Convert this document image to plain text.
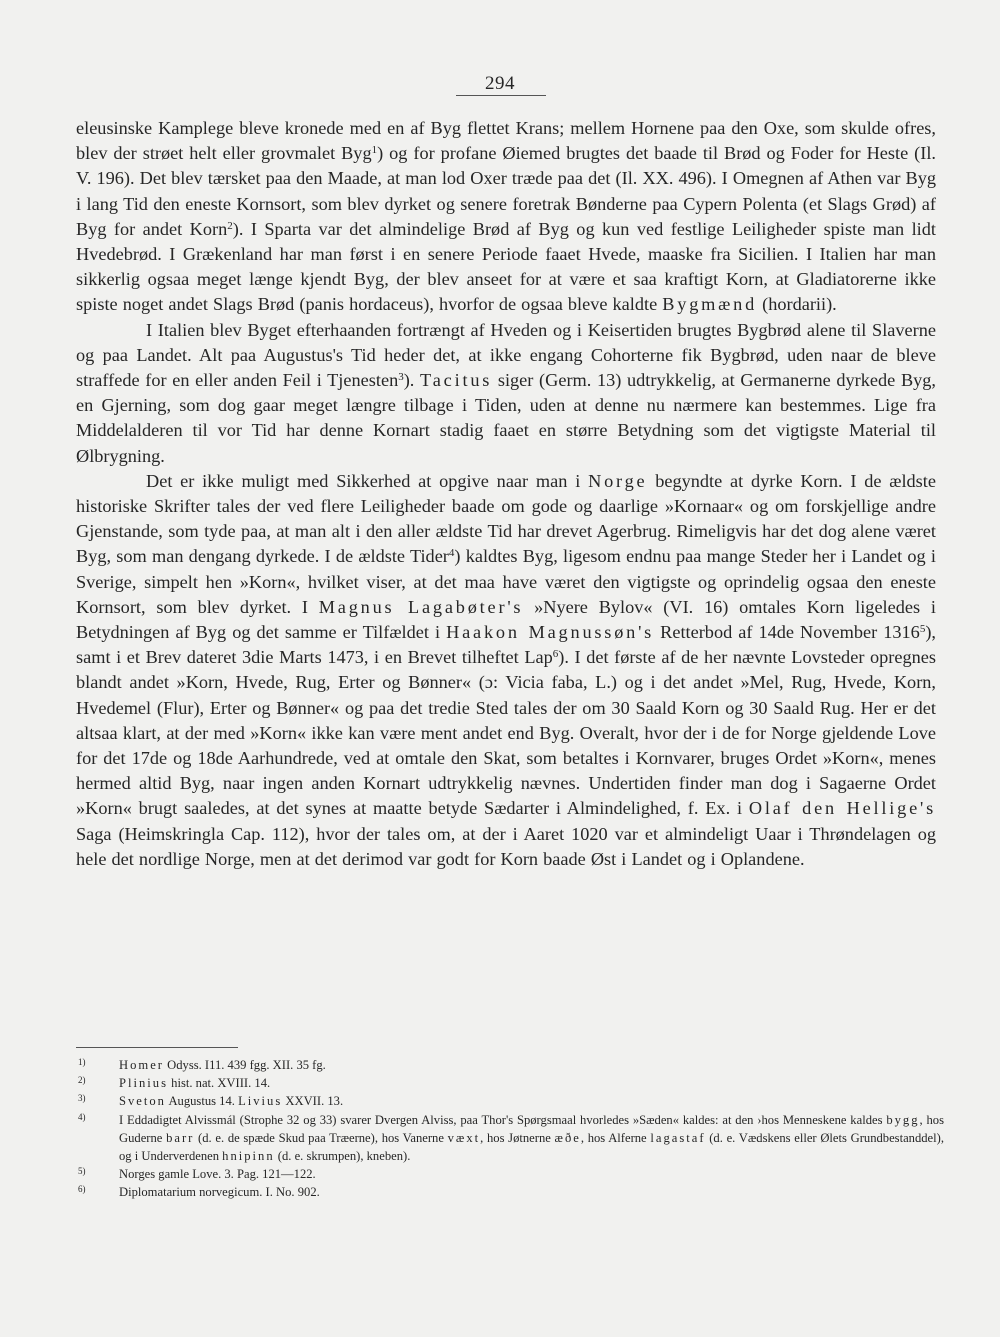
294

eleusinske Kamplege bleve kronede med en af Byg flettet Krans; mellem Hornene paa den Oxe, som skulde ofres, blev der strøet helt eller grovmalet Byg$^1$) og for profane Øiemed brugtes det baade til Brød og Foder for Heste (Il. V. 196). Det blev tærsket paa den Maade, at man lod Oxer træde paa det (Il. XX. 496). I Omegnen af Athen var Byg i lang Tid den eneste Kornsort, som blev dyrket og senere foretrak Bønderne paa Cypern Polenta (et Slags Grød) af Byg for andet Korn$^2$). I Sparta var det almindelige Brød af Byg og kun ved festlige Leiligheder spiste man lidt Hvedebrød. I Grækenland har man først i en senere Periode faaet Hvede, maaske fra Sicilien. I Italien har man sikkerlig ogsaa meget længe kjendt Byg, der blev anseet for at være et saa kraftigt Korn, at Gladiatorerne ikke spiste noget andet Slags Brød (panis hordaceus), hvorfor de ogsaa bleve kaldte Bygmænd (hordarii).

I Italien blev Byget efterhaanden fortrængt af Hveden og i Keisertiden brugtes Bygbrød alene til Slaverne og paa Landet. Alt paa Augustus's Tid heder det, at ikke engang Cohorterne fik Bygbrød, uden naar de bleve straffede for en eller anden Feil i Tjenesten$^3$). Tacitus siger (Germ. 13) udtrykkelig, at Germanerne dyrkede Byg, en Gjerning, som dog gaar meget længre tilbage i Tiden, uden at denne nu nærmere kan bestemmes. Lige fra Middelalderen til vor Tid har denne Kornart stadig faaet en større Betydning som det vigtigste Material til Ølbrygning.

Det er ikke muligt med Sikkerhed at opgive naar man i Norge begyndte at dyrke Korn. I de ældste historiske Skrifter tales der ved flere Leiligheder baade om gode og daarlige »Kornaar« og om forskjellige andre Gjenstande, som tyde paa, at man alt i den aller ældste Tid har drevet Agerbrug. Rimeligvis har det dog alene været Byg, som man dengang dyrkede. I de ældste Tider$^4$) kaldtes Byg, ligesom endnu paa mange Steder her i Landet og i Sverige, simpelt hen »Korn«, hvilket viser, at det maa have været den vigtigste og oprindelig ogsaa den eneste Kornsort, som blev dyrket. I Magnus Lagabøter's »Nyere Bylov« (VI. 16) omtales Korn ligeledes i Betydningen af Byg og det samme er Tilfældet i Haakon Magnussøn's Retterbod af 14de November 1316$^5$), samt i et Brev dateret 3die Marts 1473, i en Brevet tilheftet Lap$^6$). I det første af de her nævnte Lovsteder opregnes blandt andet »Korn, Hvede, Rug, Erter og Bønner« (ɔ: Vicia faba, L.) og i det andet »Mel, Rug, Hvede, Korn, Hvedemel (Flur), Erter og Bønner« og paa det tredie Sted tales der om 30 Saald Korn og 30 Saald Rug. Her er det altsaa klart, at der med »Korn« ikke kan være ment andet end Byg. Overalt, hvor der i de for Norge gjeldende Love for det 17de og 18de Aarhundrede, ved at omtale den Skat, som betaltes i Kornvarer, bruges Ordet »Korn«, menes hermed altid Byg, naar ingen anden Kornart udtrykkelig nævnes. Undertiden finder man dog i Sagaerne Ordet »Korn« brugt saaledes, at det synes at maatte betyde Sædarter i Almindelighed, f. Ex. i Olaf den Hellige's Saga (Heimskringla Cap. 112), hvor der tales om, at der i Aaret 1020 var et almindeligt Uaar i Thrøndelagen og hele det nordlige Norge, men at det derimod var godt for Korn baade Øst i Landet og i Oplandene.

1)	Homer Odyss. I11. 439 fgg. XII. 35 fg.
2)	Plinius hist. nat. XVIII. 14.
3)	Sveton Augustus 14. Livius XXVII. 13.
4)	I Eddadigtet Alvissmál (Strophe 32 og 33) svarer Dvergen Alviss, paa Thor's Spørgsmaal hvorledes »Sæden« kaldes: at den ›hos Menneskene kaldes bygg, hos Guderne barr (d. e. de spæde Skud paa Træerne), hos Vanerne væxt, hos Jøtnerne æðe, hos Alferne lagastaf (d. e. Vædskens eller Ølets Grundbestanddel), og i Underverdenen hnipinn (d. e. skrumpen), kneben).
5)	Norges gamle Love. 3. Pag. 121—122.
6)	Diplomatarium norvegicum. I. No. 902.
